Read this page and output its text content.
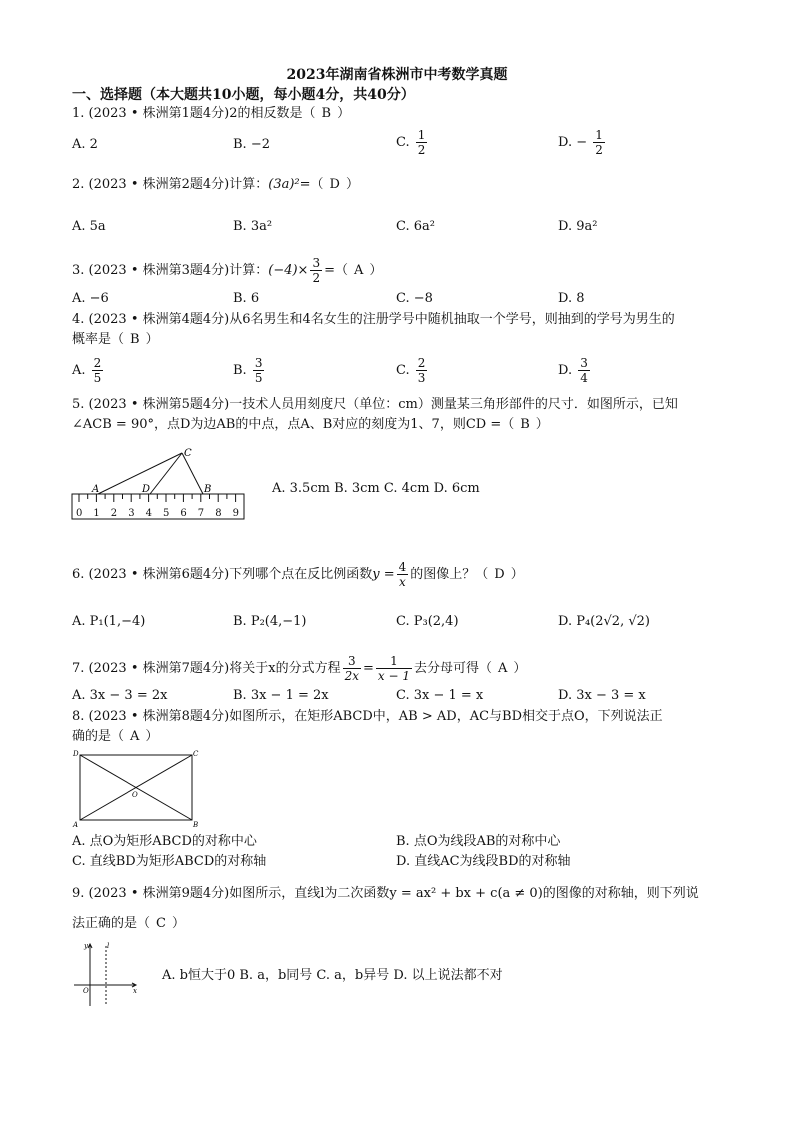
2023年湖南省株洲市中考数学真题
一、选择题（本大题共10小题，每小题4分，共40分）
1. (2023 • 株洲第1题4分)2的相反数是（ B ）
A. 2	B. −2	C. $\frac{1}{2}$	D. − $\frac{1}{2}$
2. (2023 • 株洲第2题4分)计算：(3a)²=（ D ）
A. 5a	B. 3a²	C. 6a²	D. 9a²
3. (2023 • 株洲第3题4分)计算：$(-4)\times \frac{3}{2}$ =（ A ）
A. −6	B. 6	C. −8	D. 8
4. (2023 • 株洲第4题4分)从6名男生和4名女生的注册学号中随机抽取一个学号，则抽到的学号为男生的
概率是（ B ）
A. $\frac{2}{5}$	B. $\frac{3}{5}$	C. $\frac{2}{3}$	D. $\frac{3}{4}$
5. (2023 • 株洲第5题4分)一技术人员用刻度尺（单位：cm）测量某三角形部件的尺寸．如图所示，已知
∠ACB = 90°，点D为边AB的中点，点A、B对应的刻度为1、7，则CD =（ B ）
0 1 2 3 4 5 6 7 8 9
C
A	D	B	A. 3.5cm B. 3cm C. 4cm D. 6cm
6. (2023 • 株洲第6题4分)下列哪个点在反比例函数$y = \frac{4}{x}$ 的图像上？（ D ）
A. P₁(1,−4)	B. P₂(4,−1)	C. P₃(2,4)	D. P₄(2√2, √2)
7. (2023 • 株洲第7题4分)将关于x的分式方程 $\frac{3}{2x} = \frac{1}{x - 1}$ 去分母可得（ A ）
A. 3x − 3 = 2x	B. 3x − 1 = 2x	C. 3x − 1 = x	D. 3x − 3 = x
8. (2023 • 株洲第8题4分)如图所示，在矩形ABCD中，AB > AD，AC与BD相交于点O，下列说法正
确的是（ A ）
D	C
O
A	B
A. 点O为矩形ABCD的对称中心	B. 点O为线段AB的对称中心
C. 直线BD为矩形ABCD的对称轴	D. 直线AC为线段BD的对称轴
9. (2023 • 株洲第9题4分)如图所示，直线l为二次函数y = ax² + bx + c(a ≠ 0)的图像的对称轴，则下列说
法正确的是（ C ）
y	l
O	x
A. b恒大于0 B. a，b同号 C. a，b异号 D. 以上说法都不对
